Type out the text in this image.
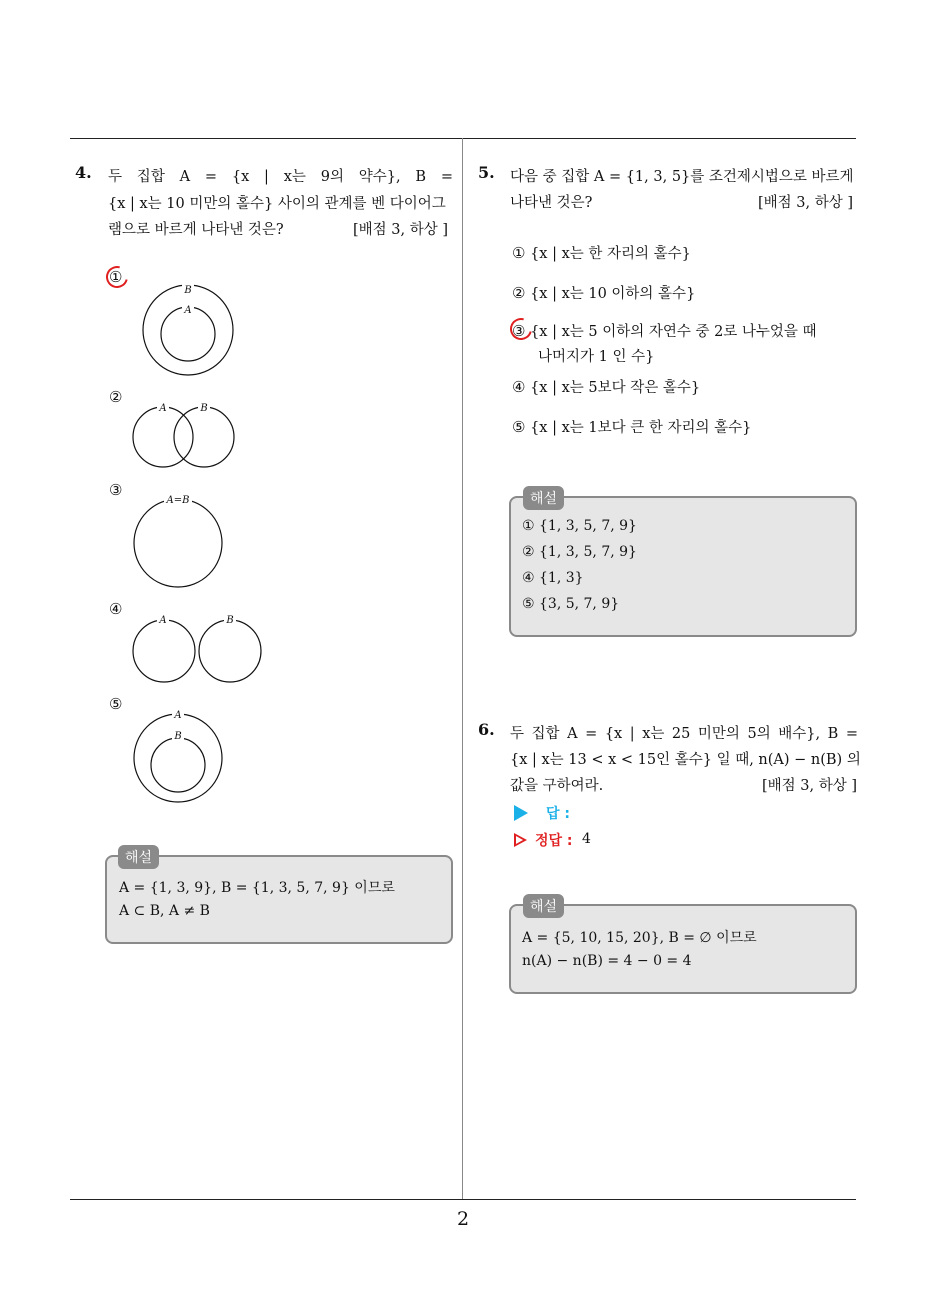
4. 두 집합 A = {x | x는 9의 약수}, B =
{x | x는 10 미만의 홀수} 사이의 관계를 벤 다이어그
램으로 바르게 나타낸 것은?	[배점 3, 하상 ]
①
B
A
②
A	B
③
A=B
④
A	B
⑤
A
B
해설
A = {1, 3, 9}, B = {1, 3, 5, 7, 9} 이므로
A ⊂ B, A ≠ B
5. 다음 중 집합 A = {1, 3, 5}를 조건제시법으로 바르게
나타낸 것은?	[배점 3, 하상 ]
① {x | x는 한 자리의 홀수}
② {x | x는 10 이하의 홀수}
③ {x | x는 5 이하의 자연수 중 2로 나누었을 때
나머지가 1 인 수}
④ {x | x는 5보다 작은 홀수}
⑤ {x | x는 1보다 큰 한 자리의 홀수}
해설
① {1, 3, 5, 7, 9}
② {1, 3, 5, 7, 9}
④ {1, 3}
⑤ {3, 5, 7, 9}
6. 두 집합 A = {x | x는 25 미만의 5의 배수}, B =
{x | x는 13 < x < 15인 홀수} 일 때, n(A) − n(B) 의
값을 구하여라.	[배점 3, 하상 ]
답 :
정답 : 4
해설
A = {5, 10, 15, 20}, B = ∅ 이므로
n(A) − n(B) = 4 − 0 = 4
2
